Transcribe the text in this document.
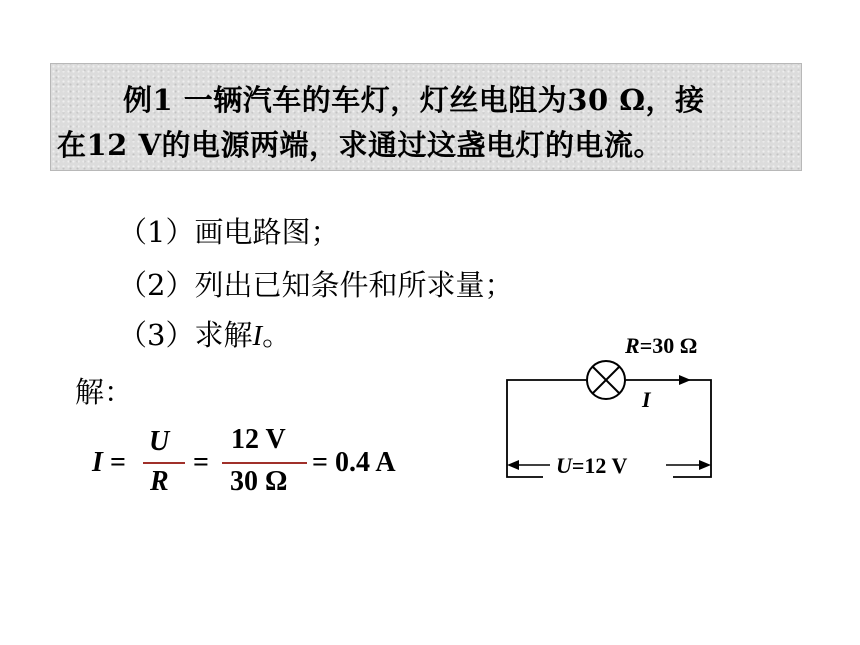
例1 一辆汽车的车灯，灯丝电阻为30 Ω，接
在12 V的电源两端，求通过这盏电灯的电流。
（1）画电路图；
（2）列出已知条件和所求量；
（3）求解I。
解：
I =
U
R
=
12 V
30 Ω
= 0.4 A
R=30 Ω
I
U=12 V
